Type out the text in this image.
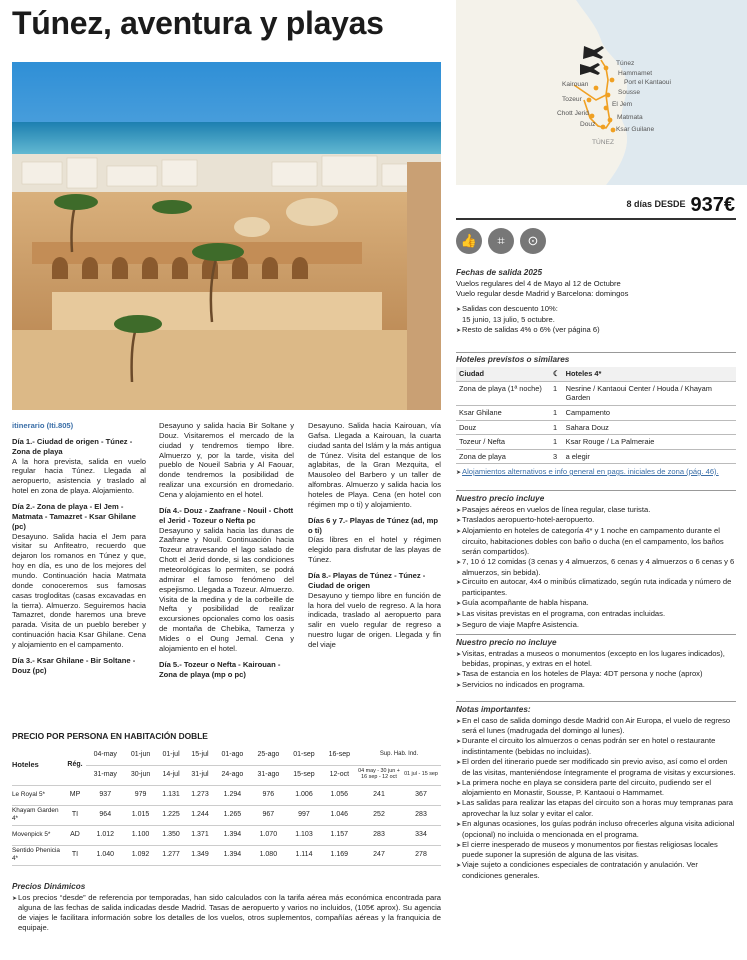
Túnez, aventura y playas
Túnez
Hammamet
Port el Kantaoui
Kairouan
Sousse
Tozeur
El Jem
Chott Jerid
Matmata
Douz
Ksar Guilane
TÚNEZ
8 días DESDE 937€
👍	⌗	⊙
Fechas de salida 2025
Vuelos regulares del 4 de Mayo al 12 de Octubre
Vuelo regular desde Madrid y Barcelona: domingos
➤ Salidas con descuento 10%:
15 junio, 13 julio, 5 octubre.
➤ Resto de salidas 4% o 6% (ver página 6)
Hoteles previstos o similares
Ciudad	☾	Hoteles 4*
Zona de playa (1ª noche)	1	Nesrine / Kantaoui Center / Houda / Khayam Garden
Ksar Ghilane	1	Campamento
Douz	1	Sahara Douz
Tozeur / Nefta	1	Ksar Rouge / La Palmeraie
Zona de playa	3	a elegir
➤ Alojamientos alternativos e info general en pags. iniciales de zona (pág. 46).
Nuestro precio incluye
➤ Pasajes aéreos en vuelos de línea regular, clase turista.
➤ Traslados aeropuerto-hotel-aeropuerto.
➤ Alojamiento en hoteles de categoría 4* y 1 noche en campamento durante el circuito, habitaciones dobles con baño o ducha (en el campamento, los baños serán compartidos).
➤ 7, 10 ó 12 comidas (3 cenas y 4 almuerzos, 6 cenas y 4 almuerzos o 6 cenas y 6 almuerzos, sin bebida).
➤ Circuito en autocar, 4x4 o minibús climatizado, según ruta indicada y número de participantes.
➤ Guía acompañante de habla hispana.
➤ Las visitas previstas en el programa, con entradas incluidas.
➤ Seguro de viaje Mapfre Asistencia.
Nuestro precio no incluye
➤ Visitas, entradas a museos o monumentos (excepto en los lugares indicados), bebidas, propinas, y extras en el hotel.
➤ Tasa de estancia en los hoteles de Playa: 4DT persona y noche (aprox)
➤ Servicios no indicados en programa.
Notas importantes:
➤ En el caso de salida domingo desde Madrid con Air Europa, el vuelo de regreso será el lunes (madrugada del domingo al lunes).
➤ Durante el circuito los almuerzos o cenas podrán ser en hotel o restaurante indistintamente (bebidas no incluidas).
➤ El orden del itinerario puede ser modificado sin previo aviso, así como el orden de las visitas, manteniéndose íntegramente el programa de visitas y excursiones.
➤ La primera noche en playa se considera parte del circuito, pudiendo ser el alojamiento en Monastir, Sousse, P. Kantaoui o Hammamet.
➤ Las salidas para realizar las etapas del circuito son a horas muy tempranas para aprovechar la luz solar y evitar el calor.
➤ En algunas ocasiones, los guías podrán incluso ofrecerles alguna visita adicional (opcional) no incluida o mencionada en el programa.
➤ El cierre inesperado de museos y monumentos por fiestas religiosas locales puede suponer la supresión de alguna de las visitas.
➤ Viaje sujeto a condiciones especiales de contratación y anulación. Ver condiciones generales.
itinerario (Iti.805)
Día 1.- Ciudad de origen - Túnez - Zona de playa

A la hora prevista, salida en vuelo regular hacia Túnez. Llegada al aeropuerto, asistencia y traslado al hotel en zona de playa. Alojamiento.

Día 2.- Zona de playa - El Jem - Matmata - Tamazret - Ksar Ghilane (pc)

Desayuno. Salida hacia el Jem para visitar su Anfiteatro, recuerdo que dejaron los romanos en Túnez y que, hoy en día, es uno de los mejores del mundo. Continuación hacia Matmata donde conoceremos sus famosas casas trogloditas (casas excavadas en la tierra). Almuerzo. Seguiremos hacia Tamazret, donde haremos una breve parada. Visita de un pueblo bereber y continuación hacia Ksar Ghilane. Cena y alojamiento en el campamento.

Día 3.- Ksar Ghilane - Bir Soltane - Douz (pc)

Desayuno y salida hacia Bir Soltane y Douz. Visitaremos el mercado de la ciudad y tendremos tiempo libre. Almuerzo y, por la tarde, visita del pueblo de Noueil Sabria y Al Faouar, donde tendremos la posibilidad de realizar una excursión en dromedario. Cena y alojamiento en el hotel.

Día 4.- Douz - Zaafrane - Nouil - Chott el Jerid - Tozeur o Nefta pc

Desayuno y salida hacia las dunas de Zaafrane y Nouil. Continuación hacia Tozeur atravesando el lago salado de Chott el Jerid donde, si las condiciones meteorológicas lo permiten, se podrá admirar el famoso fenómeno del espejismo. Llegada a Tozeur. Almuerzo. Visita de la medina y de la corbeille de Nefta y posibilidad de realizar excursiones opcionales como los oasis de montaña de Chebika, Tamerza y Mides o el Oung Jemal. Cena y alojamiento en el hotel.

Día 5.- Tozeur o Nefta - Kairouan - Zona de playa (mp o pc)

Desayuno. Salida hacia Kairouan, vía Gafsa. Llegada a Kairouan, la cuarta ciudad santa del Islám y la más antigua de Túnez. Visita del estanque de los aglabitas, de la Gran Mezquita, el Mausoleo del Barbero y un taller de alfombras. Almuerzo y salida hacia los hoteles de Playa. Cena (en hotel con régimen mp o ti) y alojamiento.

Días 6 y 7.- Playas de Túnez (ad, mp o ti)

Días libres en el hotel y régimen elegido para disfrutar de las playas de Túnez.

Día 8.- Playas de Túnez - Túnez - Ciudad de origen

Desayuno y tiempo libre en función de la hora del vuelo de regreso. A la hora indicada, traslado al aeropuerto para salir en vuelo regular de regreso a nuestro lugar de origen. Llegada y fin del viaje

PRECIO POR PERSONA EN HABITACIÓN DOBLE
Hoteles	Rég.	04-may	01-jun	01-jul	15-jul	01-ago	25-ago	01-sep	16-sep	Sup. Hab. Ind.	
		31-may	30-jun	14-jul	31-jul	24-ago	31-ago	15-sep	12-oct	04 may - 30 jun + 16 sep - 12 oct	01 jul - 15 sep
Le Royal 5*	MP	937	979	1.131	1.273	1.294	976	1.006	1.056	241	367
Khayam Garden 4*	TI	964	1.015	1.225	1.244	1.265	967	997	1.046	252	283
Movenpick 5*	AD	1.012	1.100	1.350	1.371	1.394	1.070	1.103	1.157	283	334
Sentido Phenicia 4*	TI	1.040	1.092	1.277	1.349	1.394	1.080	1.114	1.169	247	278
Precios Dinámicos
➤ Los precios “desde” de referencia por temporadas, han sido calculados con la tarifa aérea más económica encontrada para alguna de las fechas de salida indicadas desde Madrid. Tasas de aeropuerto y varios no incluidos, (105€ aprox). Su agencia de viajes le facilitara información sobre los detalles de los vuelos, otros suplementos, compañías aéreas y la franquicia de equipaje.
